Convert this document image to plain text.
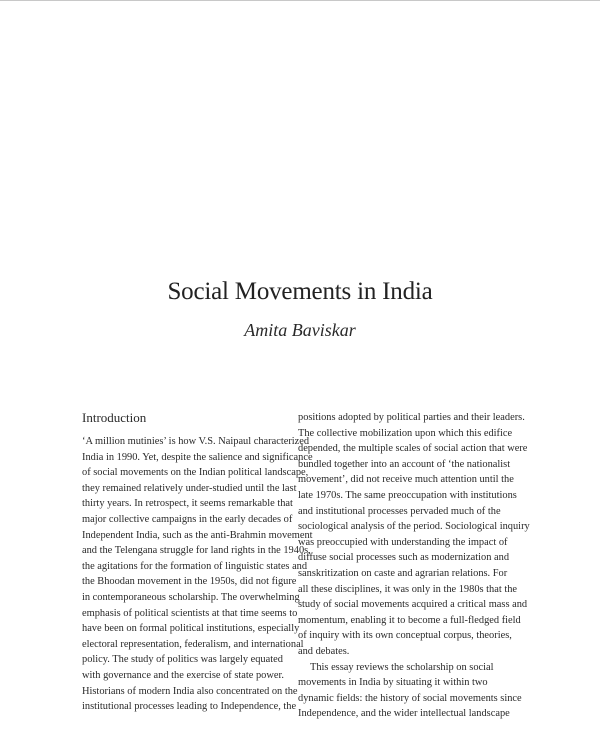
Social Movements in India
Amita Baviskar
Introduction
‘A million mutinies’ is how V.S. Naipaul characterized
India in 1990. Yet, despite the salience and significance
of social movements on the Indian political landscape,
they remained relatively under-studied until the last
thirty years. In retrospect, it seems remarkable that
major collective campaigns in the early decades of
Independent India, such as the anti-Brahmin movement
and the Telengana struggle for land rights in the 1940s,
the agitations for the formation of linguistic states and
the Bhoodan movement in the 1950s, did not figure
in contemporaneous scholarship. The overwhelming
emphasis of political scientists at that time seems to
have been on formal political institutions, especially
electoral representation, federalism, and international
policy. The study of politics was largely equated
with governance and the exercise of state power.
Historians of modern India also concentrated on the
institutional processes leading to Independence, the
positions adopted by political parties and their leaders.
The collective mobilization upon which this edifice
depended, the multiple scales of social action that were
bundled together into an account of ‘the nationalist
movement’, did not receive much attention until the
late 1970s. The same preoccupation with institutions
and institutional processes pervaded much of the
sociological analysis of the period. Sociological inquiry
was preoccupied with understanding the impact of
diffuse social processes such as modernization and
sanskritization on caste and agrarian relations. For
all these disciplines, it was only in the 1980s that the
study of social movements acquired a critical mass and
momentum, enabling it to become a full-fledged field
of inquiry with its own conceptual corpus, theories,
and debates.
This essay reviews the scholarship on social
movements in India by situating it within two
dynamic fields: the history of social movements since
Independence, and the wider intellectual landscape
